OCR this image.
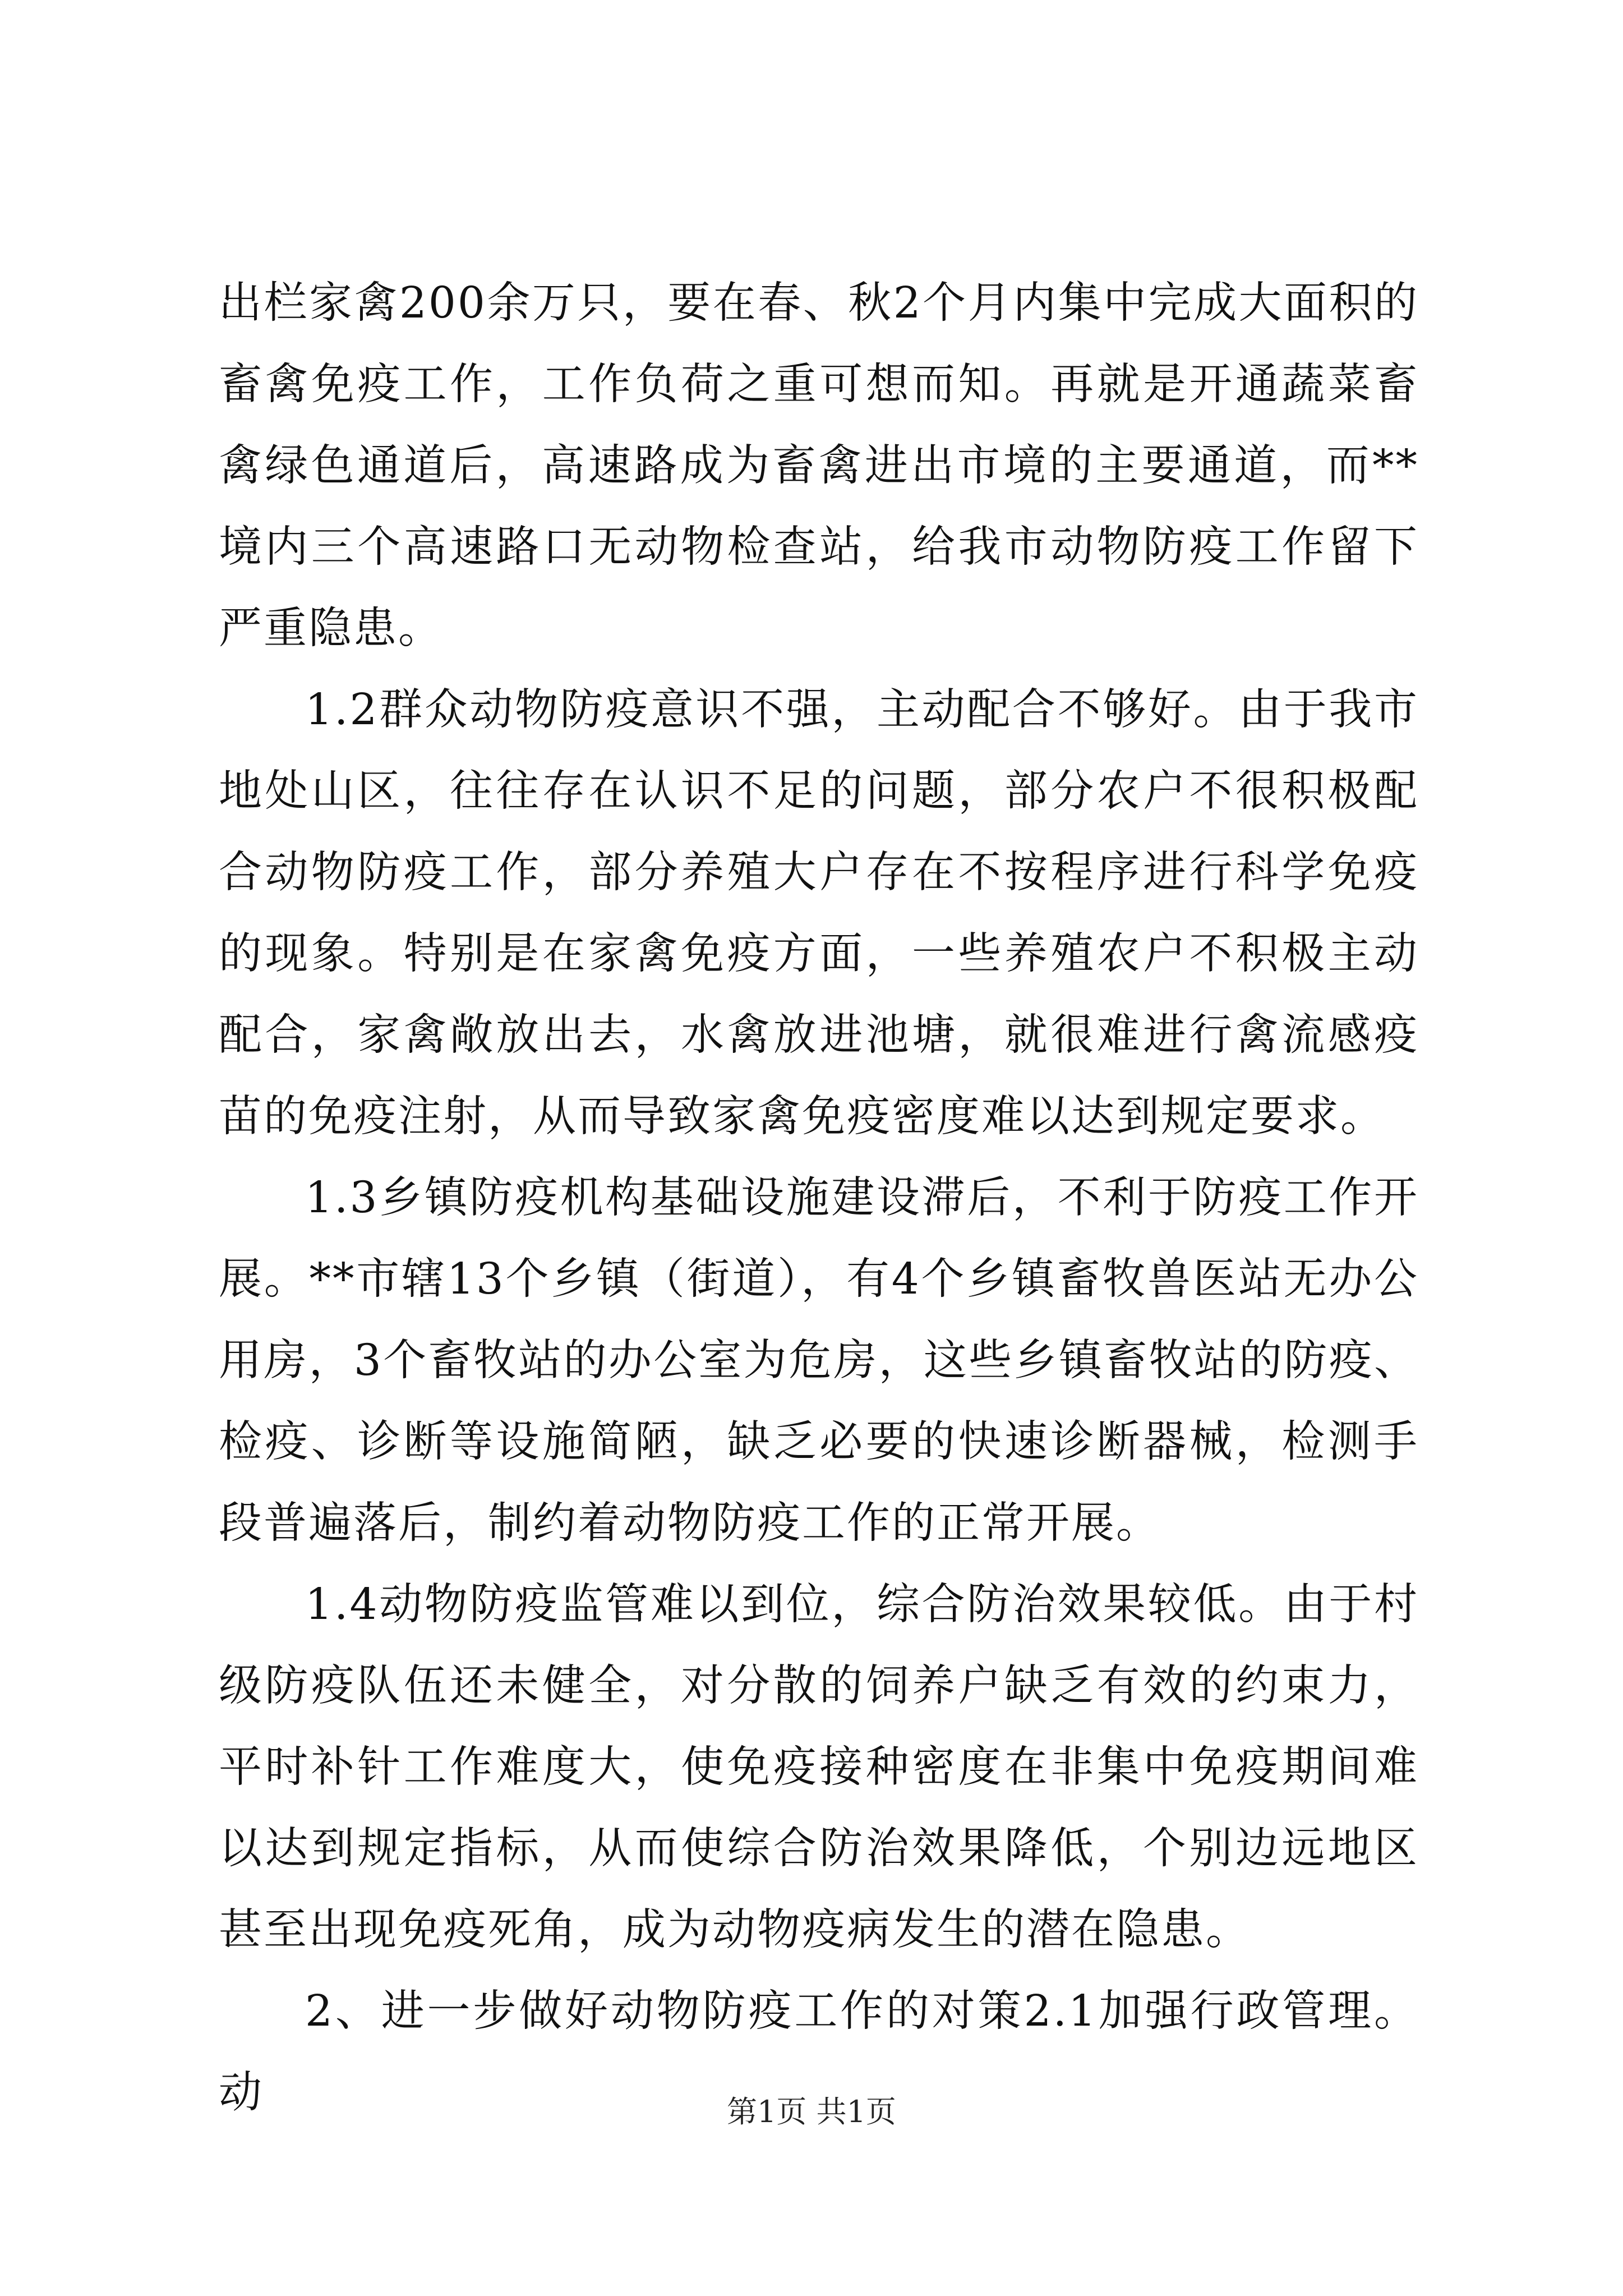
出栏家禽200余万只，要在春、秋2个月内集中完成大面积的畜禽免疫工作，工作负荷之重可想而知。再就是开通蔬菜畜禽绿色通道后，高速路成为畜禽进出市境的主要通道，而**境内三个高速路口无动物检查站，给我市动物防疫工作留下严重隐患。

1.2群众动物防疫意识不强，主动配合不够好。由于我市地处山区，往往存在认识不足的问题，部分农户不很积极配合动物防疫工作，部分养殖大户存在不按程序进行科学免疫的现象。特别是在家禽免疫方面，一些养殖农户不积极主动配合，家禽敞放出去，水禽放进池塘，就很难进行禽流感疫苗的免疫注射，从而导致家禽免疫密度难以达到规定要求。

1.3乡镇防疫机构基础设施建设滞后，不利于防疫工作开展。**市辖13个乡镇（街道），有4个乡镇畜牧兽医站无办公用房，3个畜牧站的办公室为危房，这些乡镇畜牧站的防疫、检疫、诊断等设施简陋，缺乏必要的快速诊断器械，检测手段普遍落后，制约着动物防疫工作的正常开展。

1.4动物防疫监管难以到位，综合防治效果较低。由于村级防疫队伍还未健全，对分散的饲养户缺乏有效的约束力，平时补针工作难度大，使免疫接种密度在非集中免疫期间难以达到规定指标，从而使综合防治效果降低，个别边远地区甚至出现免疫死角，成为动物疫病发生的潜在隐患。

2、进一步做好动物防疫工作的对策2.1加强行政管理。动	第1页 共1页
